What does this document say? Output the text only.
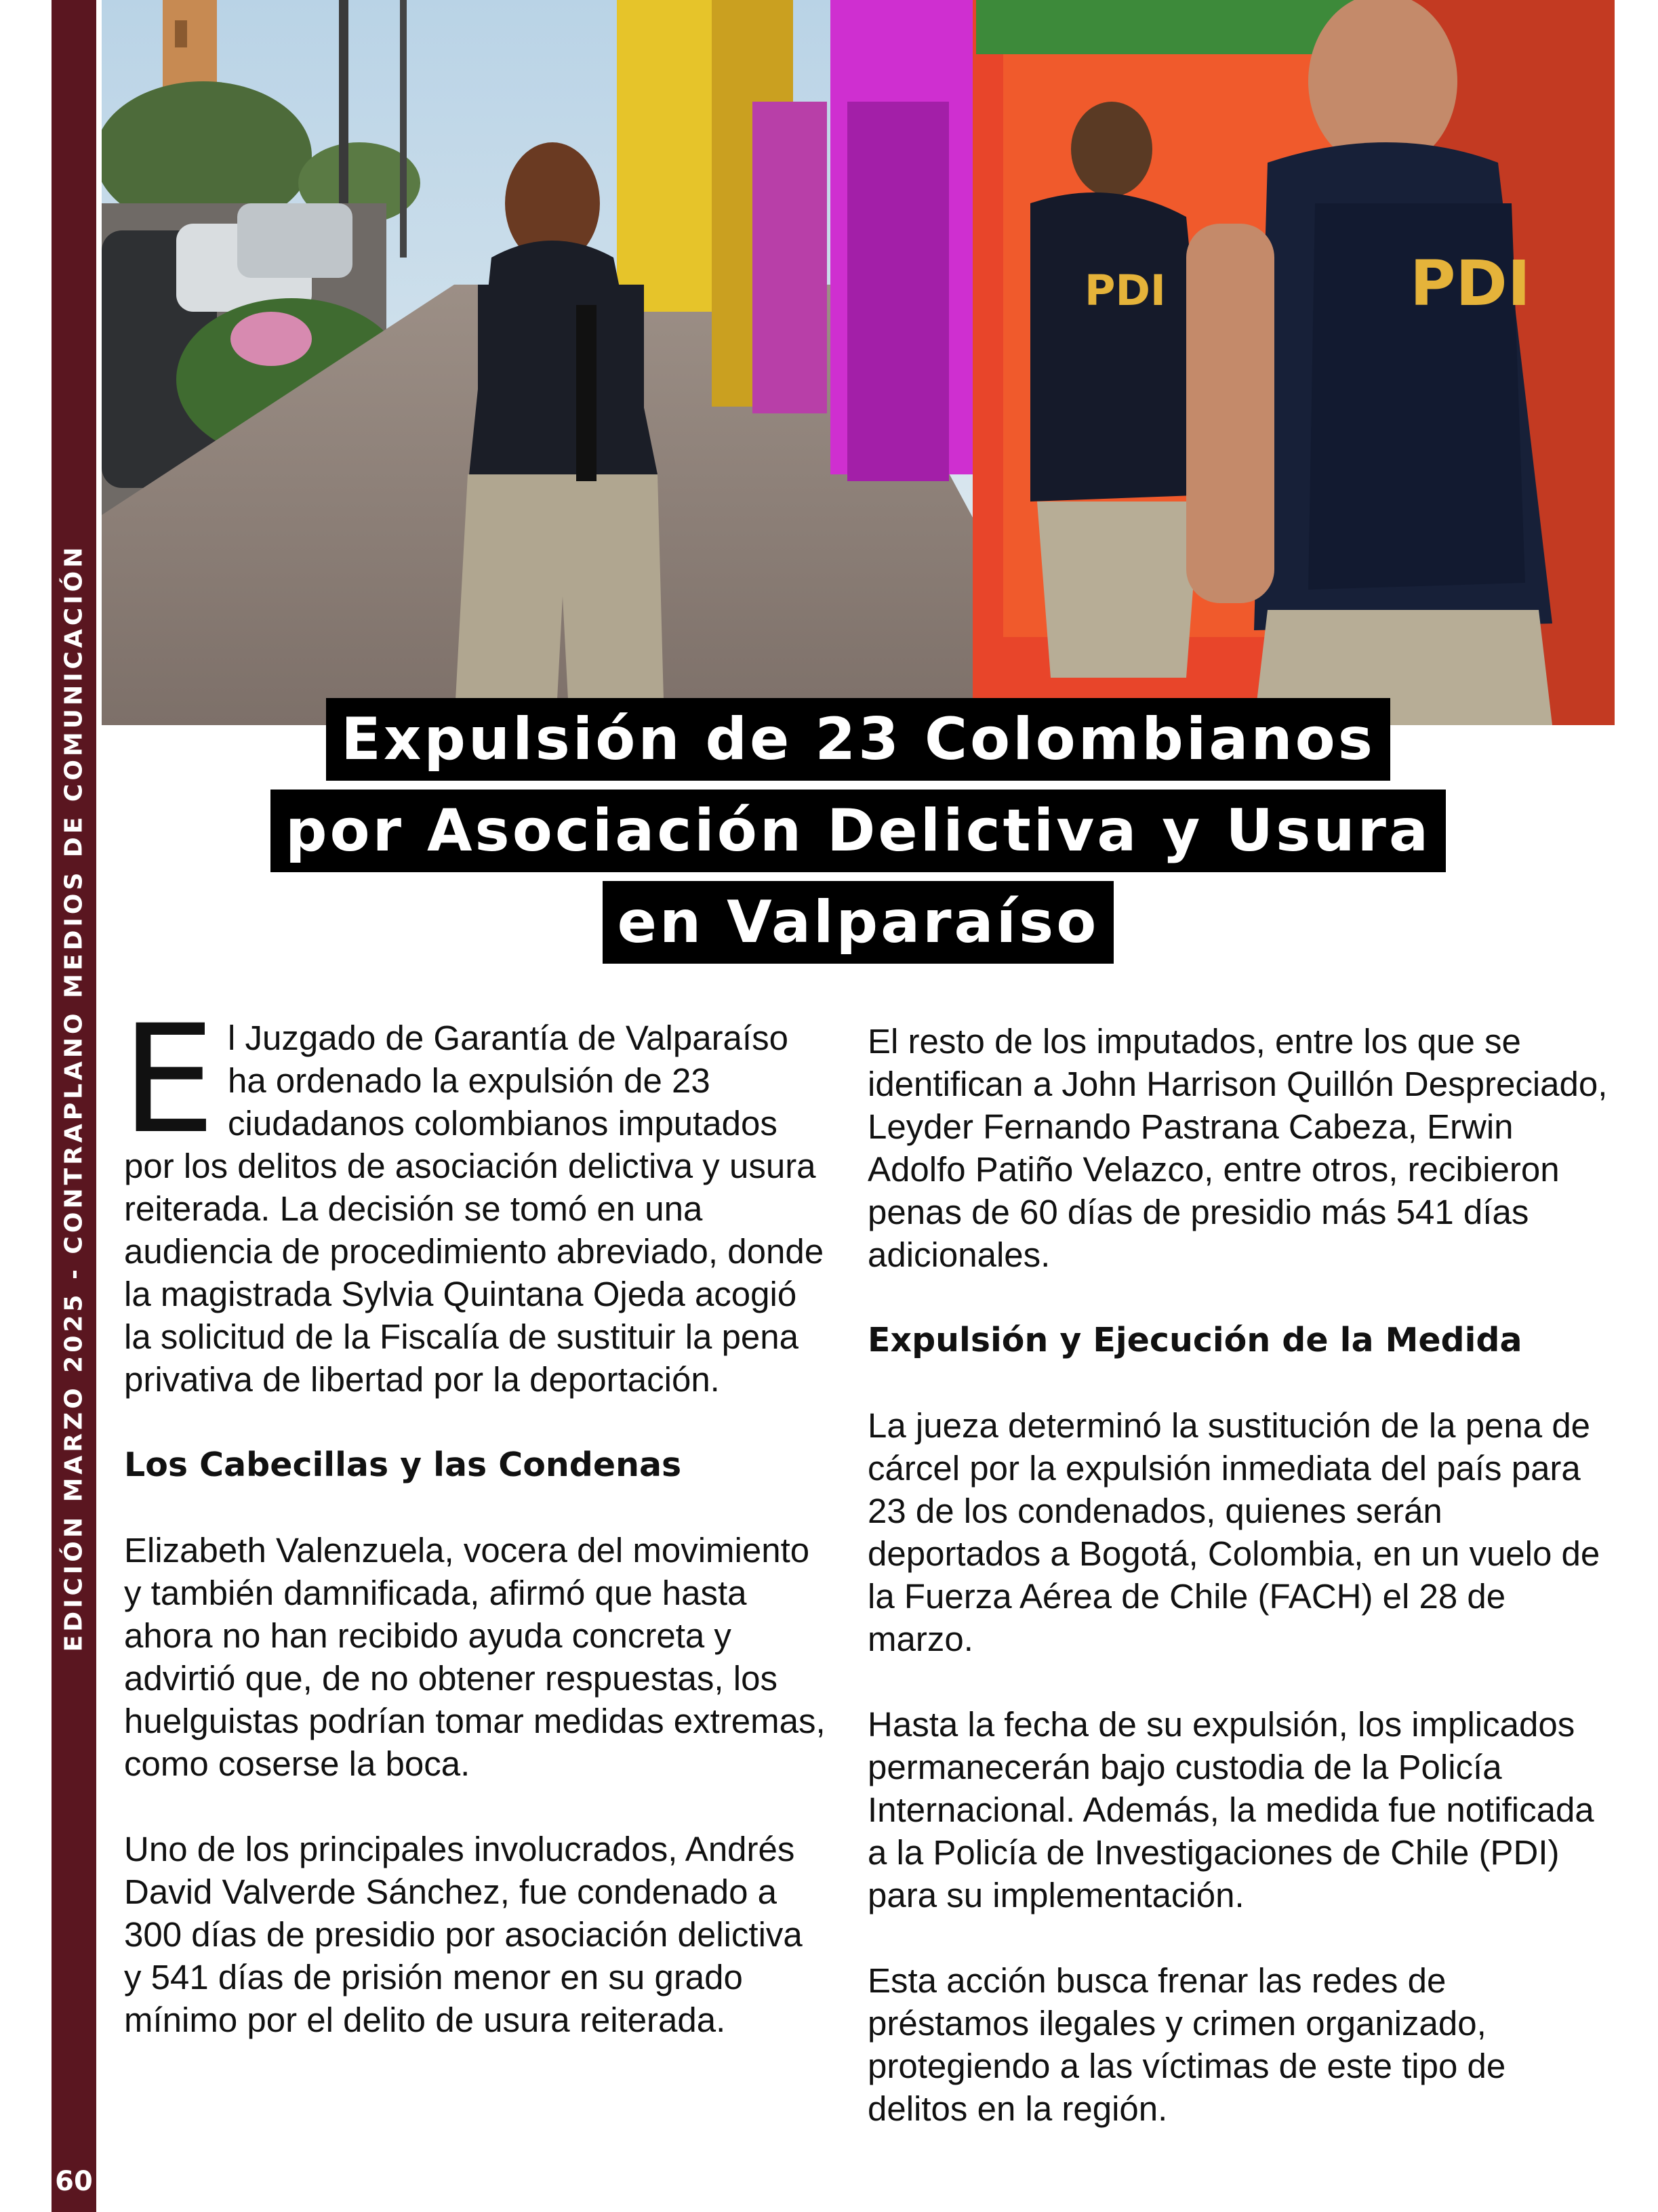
EDICIÓN MARZO 2025 - CONTRAPLANO MEDIOS DE COMUNICACIÓN
60
PDI	PDI
Expulsión de 23 Colombianos
por Asociación Delictiva y Usura
en Valparaíso

El Juzgado de Garantía de Valparaíso ha ordenado la expulsión de 23 ciudadanos colombianos imputados por los delitos de asociación delictiva y usura reiterada. La decisión se tomó en una audiencia de procedimiento abreviado, donde la magistrada Sylvia Quintana Ojeda acogió la solicitud de la Fiscalía de sustituir la pena privativa de libertad por la deportación.

Los Cabecillas y las Condenas

Elizabeth Valenzuela, vocera del movimiento y también damnificada, afirmó que hasta ahora no han recibido ayuda concreta y advirtió que, de no obtener respuestas, los huelguistas podrían tomar medidas extremas, como coserse la boca.

Uno de los principales involucrados, Andrés David Valverde Sánchez, fue condenado a 300 días de presidio por asociación delictiva y 541 días de prisión menor en su grado mínimo por el delito de usura reiterada.

El resto de los imputados, entre los que se identifican a John Harrison Quillón Despreciado, Leyder Fernando Pastrana Cabeza, Erwin Adolfo Patiño Velazco, entre otros, recibieron penas de 60 días de presidio más 541 días adicionales.

Expulsión y Ejecución de la Medida

La jueza determinó la sustitución de la pena de cárcel por la expulsión inmediata del país para 23 de los condenados, quienes serán deportados a Bogotá, Colombia, en un vuelo de la Fuerza Aérea de Chile (FACH) el 28 de marzo.

Hasta la fecha de su expulsión, los implicados permanecerán bajo custodia de la Policía Internacional. Además, la medida fue notificada a la Policía de Investigaciones de Chile (PDI) para su implementación.

Esta acción busca frenar las redes de préstamos ilegales y crimen organizado, protegiendo a las víctimas de este tipo de delitos en la región.
